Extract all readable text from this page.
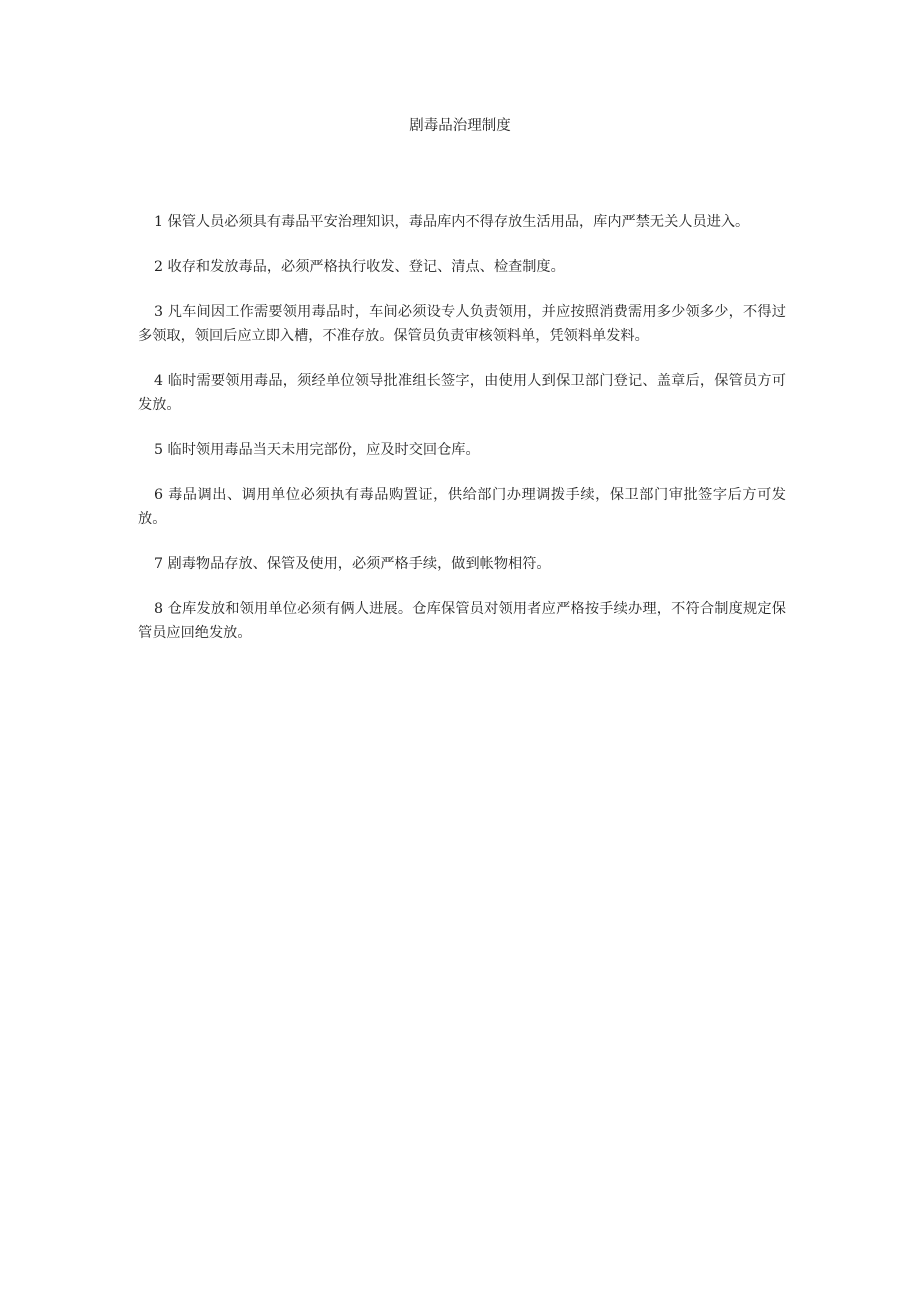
剧毒品治理制度
1 保管人员必须具有毒品平安治理知识，毒品库内不得存放生活用品，库内严禁无关人员进入。
2 收存和发放毒品，必须严格执行收发、登记、清点、检查制度。
3 凡车间因工作需要领用毒品时，车间必须设专人负责领用，并应按照消费需用多少领多少，不得过多领取，领回后应立即入槽，不准存放。保管员负责审核领料单，凭领料单发料。
4 临时需要领用毒品，须经单位领导批准组长签字，由使用人到保卫部门登记、盖章后，保管员方可发放。
5 临时领用毒品当天未用完部份，应及时交回仓库。
6 毒品调出、调用单位必须执有毒品购置证，供给部门办理调拨手续，保卫部门审批签字后方可发放。
7 剧毒物品存放、保管及使用，必须严格手续，做到帐物相符。
8 仓库发放和领用单位必须有俩人进展。仓库保管员对领用者应严格按手续办理，不符合制度规定保管员应回绝发放。
